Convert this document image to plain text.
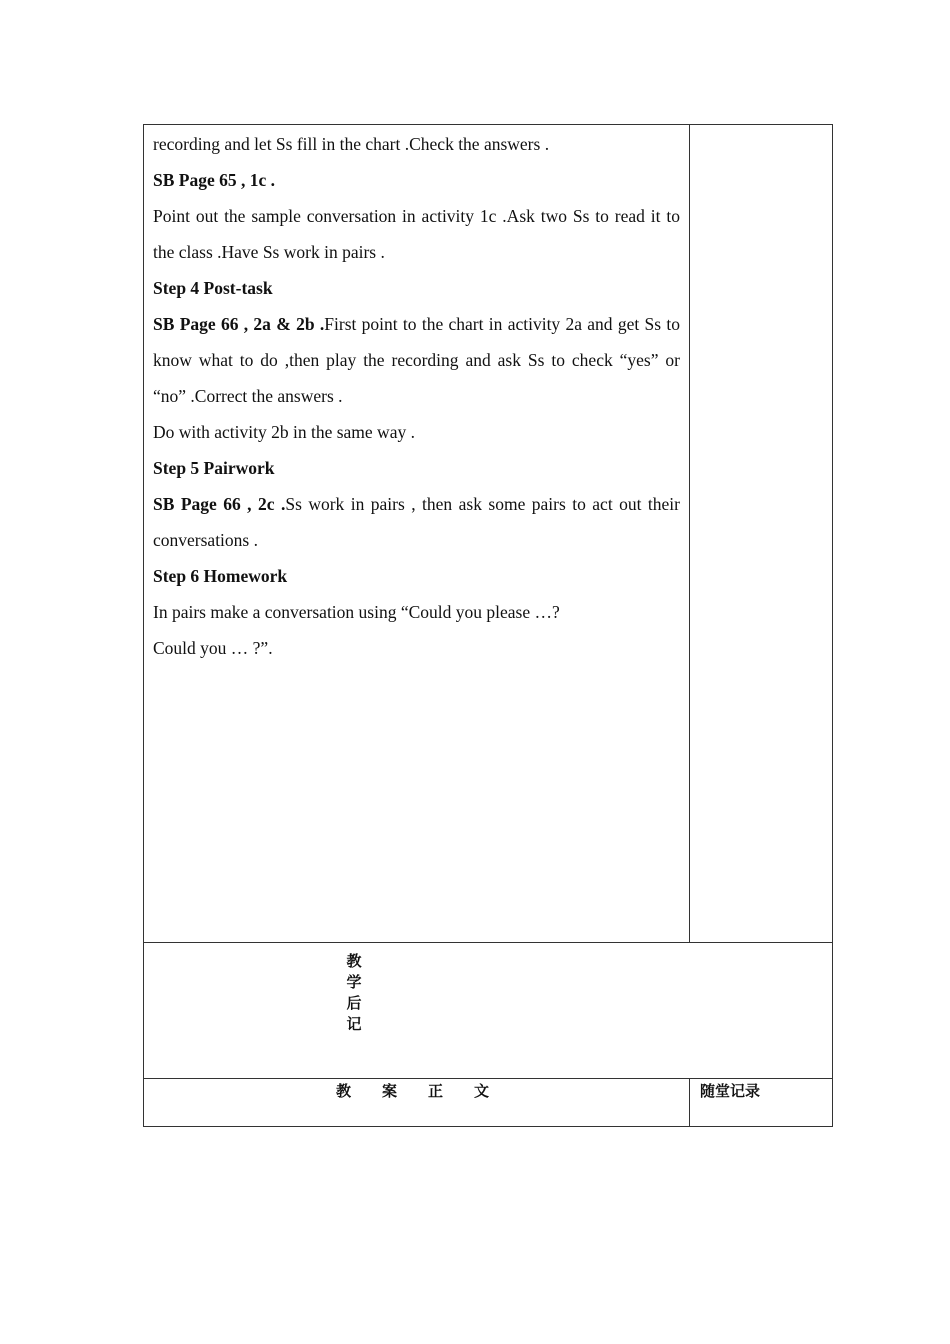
recording and let Ss fill in the chart .Check the answers .

SB Page 65 , 1c .

Point out the sample conversation in activity 1c .Ask two Ss to read it to the class .Have Ss work in pairs .

Step 4 Post-task

SB Page 66 , 2a & 2b .First point to the chart in activity 2a and get Ss to know what to do ,then play the recording and ask Ss to check “yes” or “no” .Correct the answers .

Do with activity 2b in the same way .

Step 5 Pairwork

SB Page 66 , 2c .Ss work in pairs , then ask some pairs to act out their conversations .

Step 6 Homework

In pairs make a conversation using “Could you please …?

Could you … ?”.

教
学
后
记
教 案 正 文	随堂记录
